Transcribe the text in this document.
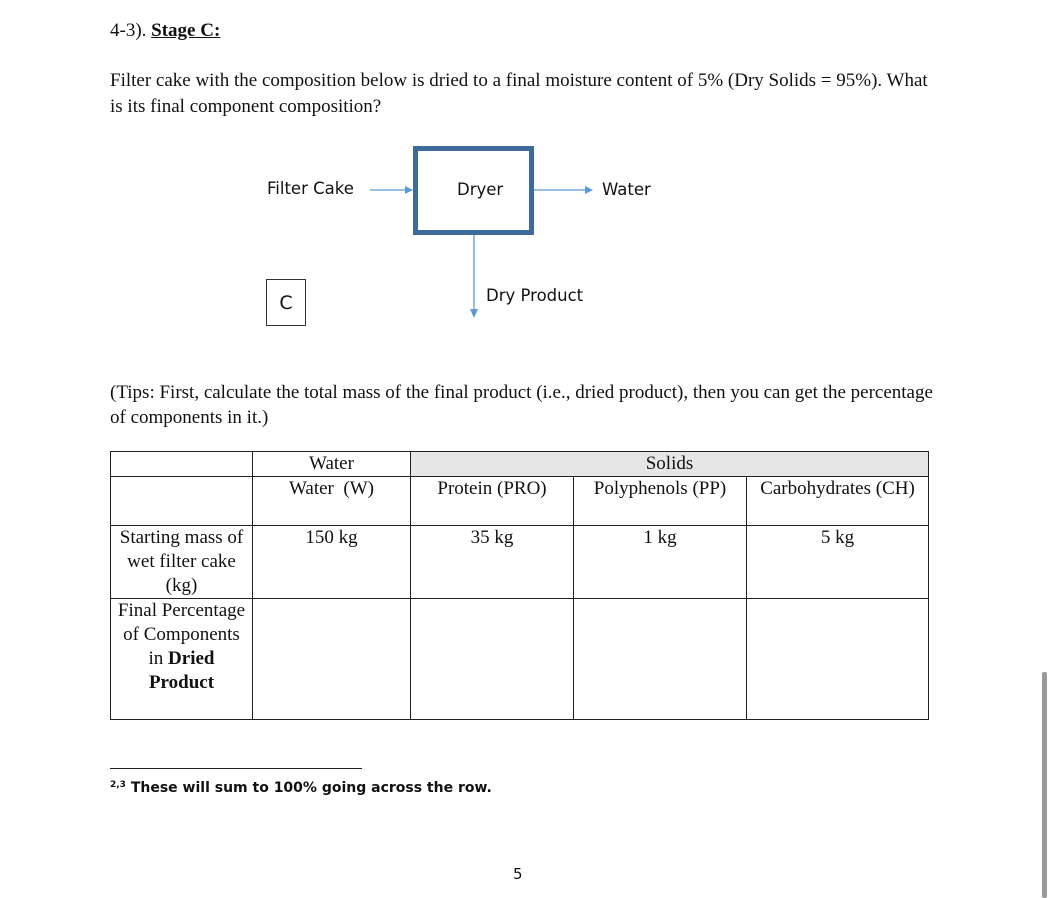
4-3). Stage C:
Filter cake with the composition below is dried to a final moisture content of 5% (Dry Solids = 95%). What is its final component composition?
Filter Cake	Dryer	Water
Dry Product
C
(Tips: First, calculate the total mass of the final product (i.e., dried product), then you can get the percentage of components in it.)
	Water	Solids		
	Water  (W)	Protein (PRO)	Polyphenols (PP)	Carbohydrates (CH)
Starting mass of wet filter cake (kg)	150 kg	35 kg	1 kg	5 kg
Final Percentage of Components in Dried Product				
$^{2,3}$ These will sum to 100% going across the row.
5
